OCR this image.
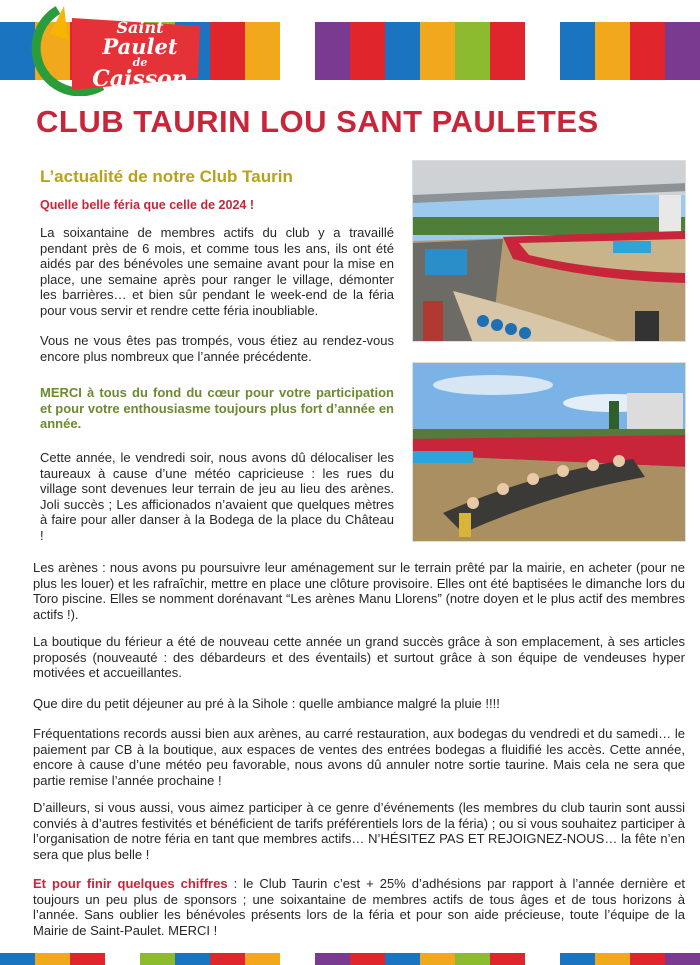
Saint
Paulet
de
Caisson
CLUB TAURIN LOU SANT PAULETES
L’actualité de notre Club Taurin
Quelle belle féria que celle de 2024 !

La soixantaine de membres actifs du club y a travaillé pendant près de 6 mois, et comme tous les ans, ils ont été aidés par des bénévoles une semaine avant pour la mise en place, une semaine après pour ranger le village, démonter les barrières… et bien sûr pendant le week-end de la féria pour vous servir et rendre cette féria inoubliable.

Vous ne vous êtes pas trompés, vous étiez au rendez-vous encore plus nombreux que l’année précédente.

MERCI à tous du fond du cœur pour votre participation et pour votre enthousiasme toujours plus fort d’année en année.

Cette année, le vendredi soir, nous avons dû délocaliser les taureaux à cause d’une météo capricieuse : les rues du village sont devenues leur terrain de jeu au lieu des arènes. Joli succès ; Les afficionados n’avaient que quelques mètres à faire pour aller danser à la Bodega de la place du Château !

Les arènes : nous avons pu poursuivre leur aménagement sur le terrain prêté par la mairie, en acheter (pour ne plus les louer) et les rafraîchir, mettre en place une clôture provisoire. Elles ont été baptisées le dimanche lors du Toro piscine. Elles se nomment dorénavant “Les arènes Manu Llorens” (notre doyen et le plus actif des membres actifs !).

La boutique du férieur a été de nouveau cette année un grand succès grâce à son emplacement, à ses articles proposés (nouveauté : des débardeurs et des éventails) et surtout grâce à son équipe de vendeuses hyper motivées et accueillantes.

Que dire du petit déjeuner au pré à la Sihole : quelle ambiance malgré la pluie !!!!

Fréquentations records aussi bien aux arènes, au carré restauration, aux bodegas du vendredi et du samedi… le paiement par CB à la boutique, aux espaces de ventes des entrées bodegas a fluidifié les accès. Cette année, encore à cause d’une météo peu favorable, nous avons dû annuler notre sortie taurine. Mais cela ne sera que partie remise l’année prochaine !

D’ailleurs, si vous aussi, vous aimez participer à ce genre d’événements (les membres du club taurin sont aussi conviés à d’autres festivités et bénéficient de tarifs préférentiels lors de la féria) ; ou si vous souhaitez participer à l’organisation de notre féria en tant que membres actifs… N’HÉSITEZ PAS ET REJOIGNEZ-NOUS… la fête n’en sera que plus belle !

Et pour finir quelques chiffres : le Club Taurin c’est + 25% d’adhésions par rapport à l’année dernière et toujours un peu plus de sponsors ; une soixantaine de membres actifs de tous âges et de tous horizons à l’année. Sans oublier les bénévoles présents lors de la féria et pour son aide précieuse, toute l’équipe de la Mairie de Saint-Paulet. MERCI !
